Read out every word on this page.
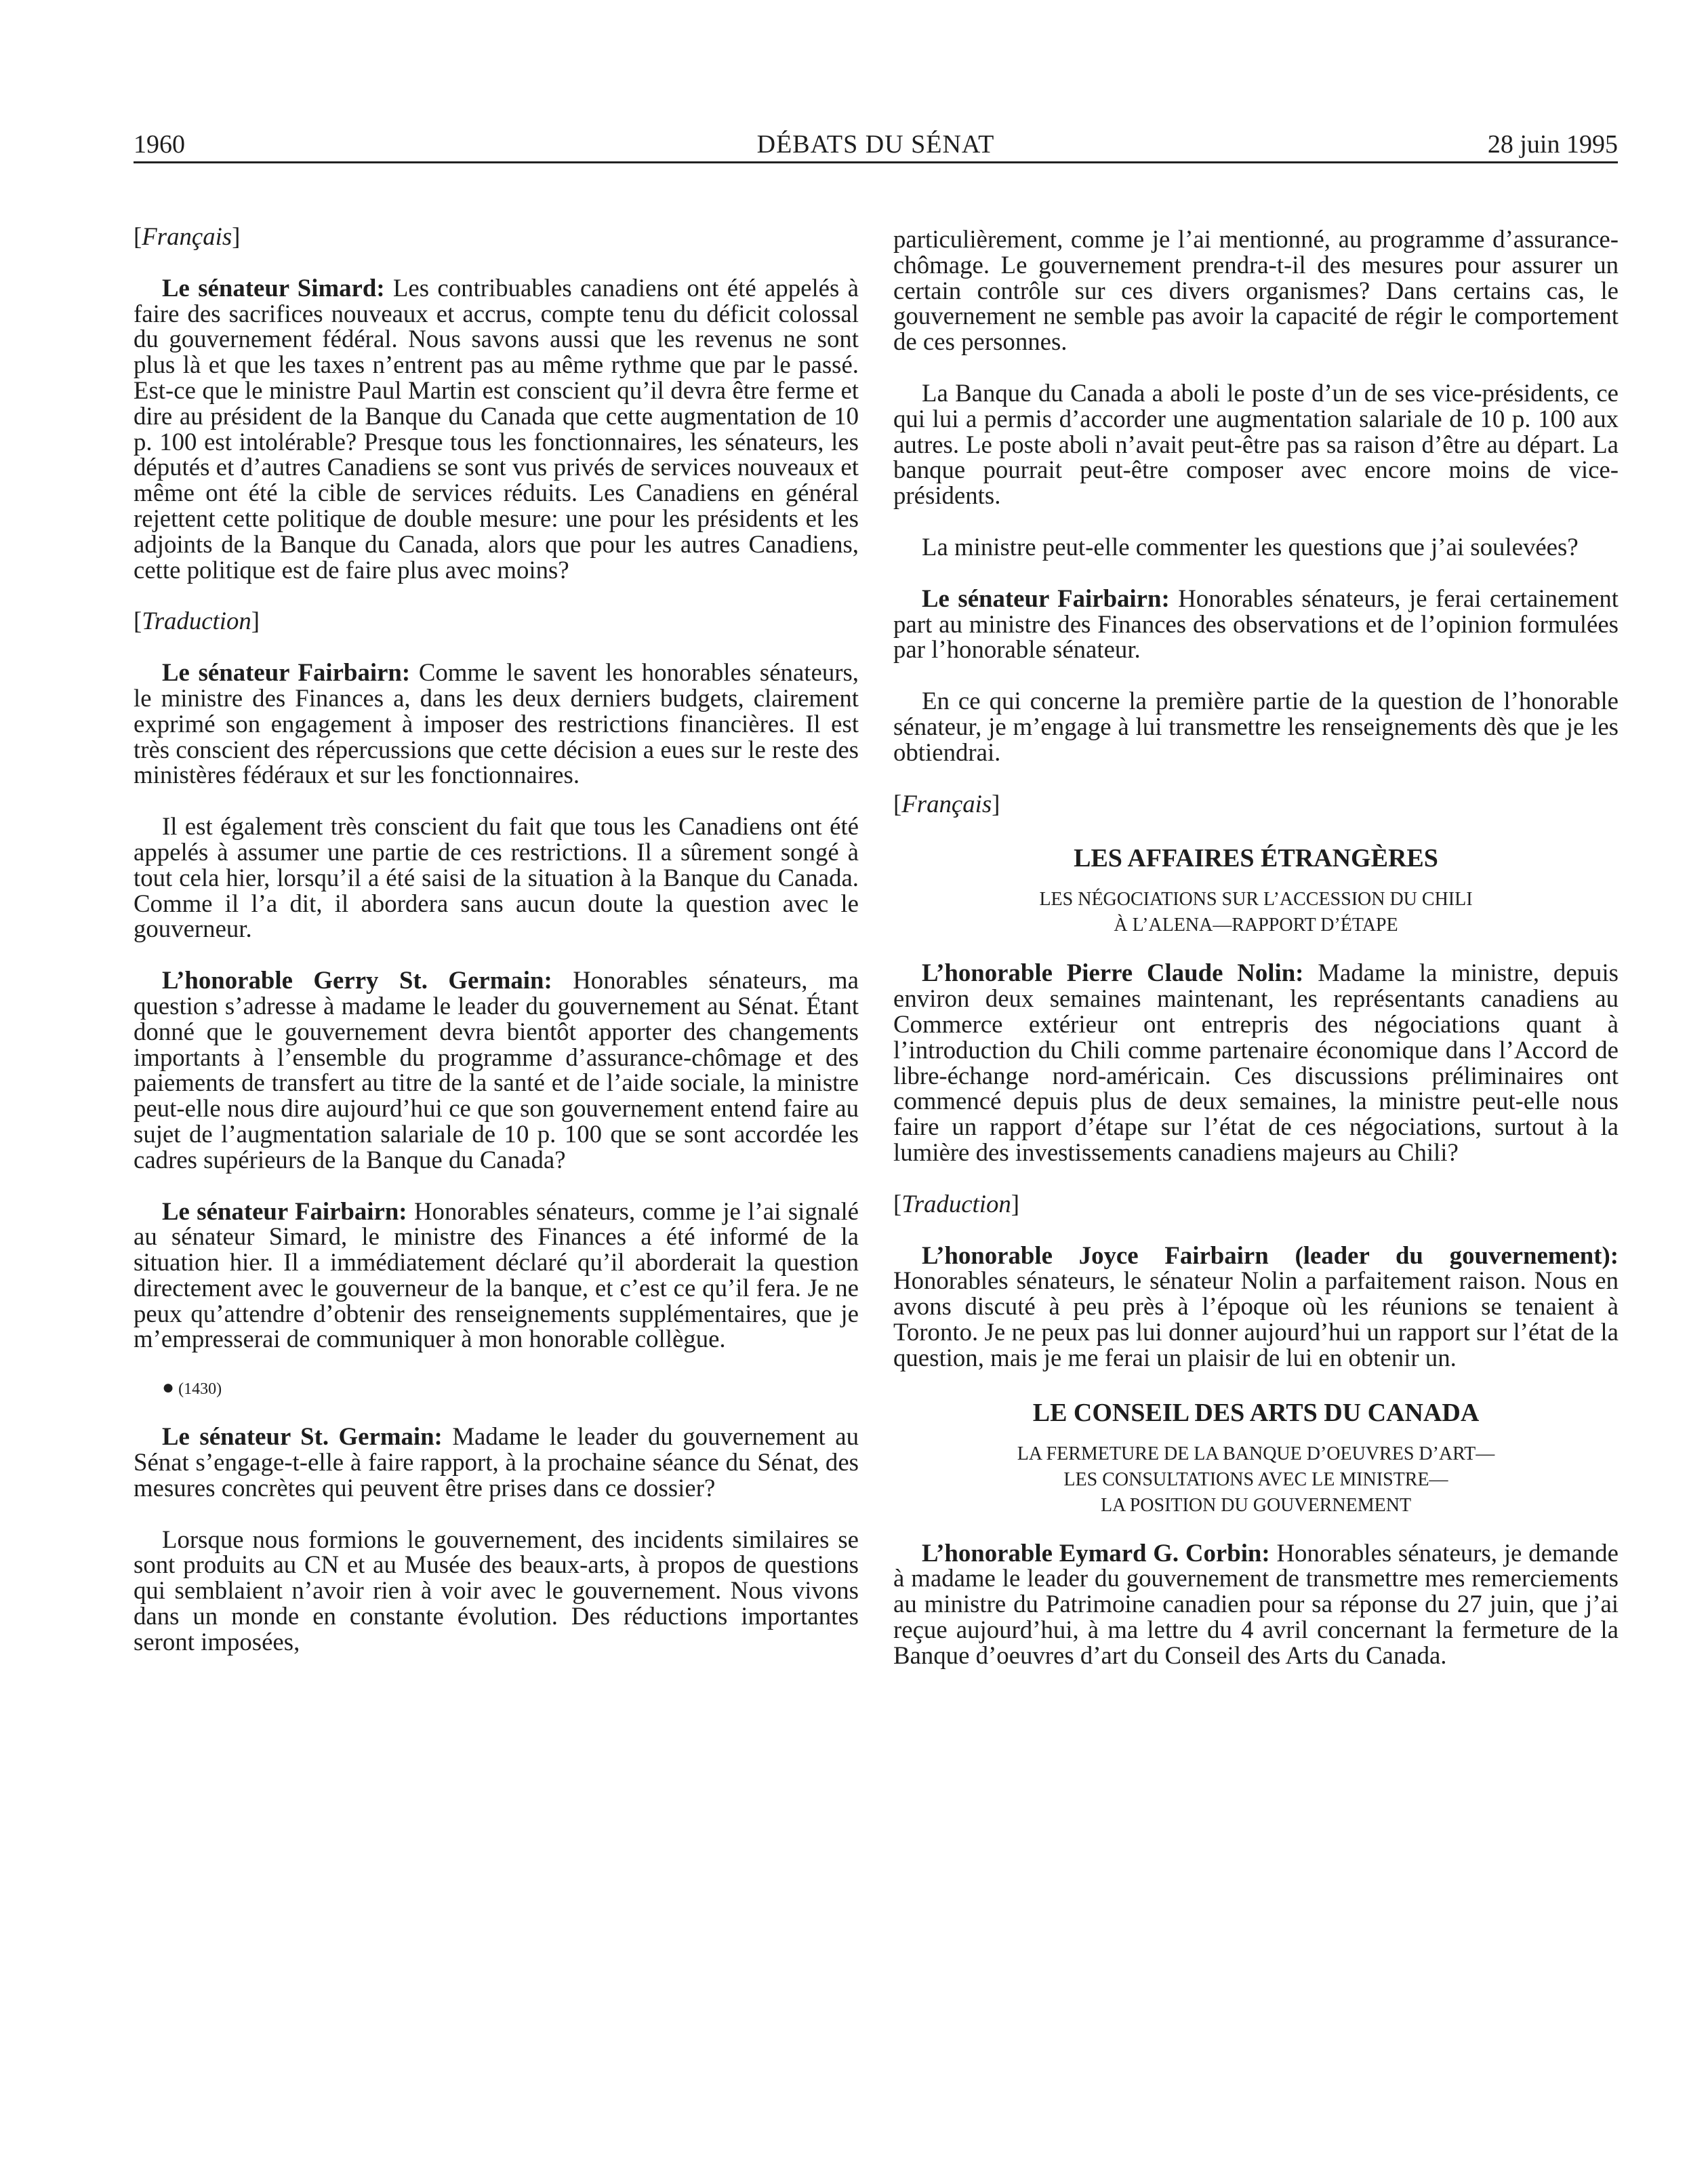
1960	DÉBATS DU SÉNAT	28 juin 1995
[Français]

Le sénateur Simard: Les contribuables canadiens ont été appelés à faire des sacrifices nouveaux et accrus, compte tenu du déficit colossal du gouvernement fédéral. Nous savons aussi que les revenus ne sont plus là et que les taxes n’entrent pas au même rythme que par le passé. Est-ce que le ministre Paul Martin est conscient qu’il devra être ferme et dire au président de la Banque du Canada que cette augmentation de 10 p. 100 est intolérable? Presque tous les fonctionnaires, les sénateurs, les députés et d’autres Canadiens se sont vus privés de services nouveaux et même ont été la cible de services réduits. Les Canadiens en général rejettent cette politique de double mesure: une pour les présidents et les adjoints de la Banque du Canada, alors que pour les autres Canadiens, cette politique est de faire plus avec moins?

[Traduction]

Le sénateur Fairbairn: Comme le savent les honorables sénateurs, le ministre des Finances a, dans les deux derniers budgets, clairement exprimé son engagement à imposer des restrictions financières. Il est très conscient des répercussions que cette décision a eues sur le reste des ministères fédéraux et sur les fonctionnaires.

Il est également très conscient du fait que tous les Canadiens ont été appelés à assumer une partie de ces restrictions. Il a sûrement songé à tout cela hier, lorsqu’il a été saisi de la situation à la Banque du Canada. Comme il l’a dit, il abordera sans aucun doute la question avec le gouverneur.

L’honorable Gerry St. Germain: Honorables sénateurs, ma question s’adresse à madame le leader du gouvernement au Sénat. Étant donné que le gouvernement devra bientôt apporter des changements importants à l’ensemble du programme d’assurance-chômage et des paiements de transfert au titre de la santé et de l’aide sociale, la ministre peut-elle nous dire aujourd’hui ce que son gouvernement entend faire au sujet de l’augmentation salariale de 10 p. 100 que se sont accordée les cadres supérieurs de la Banque du Canada?

Le sénateur Fairbairn: Honorables sénateurs, comme je l’ai signalé au sénateur Simard, le ministre des Finances a été informé de la situation hier. Il a immédiatement déclaré qu’il aborderait la question directement avec le gouverneur de la banque, et c’est ce qu’il fera. Je ne peux qu’attendre d’obtenir des renseignements supplémentaires, que je m’empresserai de communiquer à mon honorable collègue.

● (1430)

Le sénateur St. Germain: Madame le leader du gouvernement au Sénat s’engage-t-elle à faire rapport, à la prochaine séance du Sénat, des mesures concrètes qui peuvent être prises dans ce dossier?

Lorsque nous formions le gouvernement, des incidents similaires se sont produits au CN et au Musée des beaux-arts, à propos de questions qui semblaient n’avoir rien à voir avec le gouvernement. Nous vivons dans un monde en constante évolution. Des réductions importantes seront imposées,

particulièrement, comme je l’ai mentionné, au programme d’assurance-chômage. Le gouvernement prendra-t-il des mesures pour assurer un certain contrôle sur ces divers organismes? Dans certains cas, le gouvernement ne semble pas avoir la capacité de régir le comportement de ces personnes.

La Banque du Canada a aboli le poste d’un de ses vice-présidents, ce qui lui a permis d’accorder une augmentation salariale de 10 p. 100 aux autres. Le poste aboli n’avait peut-être pas sa raison d’être au départ. La banque pourrait peut-être composer avec encore moins de vice-présidents.

La ministre peut-elle commenter les questions que j’ai soulevées?

Le sénateur Fairbairn: Honorables sénateurs, je ferai certainement part au ministre des Finances des observations et de l’opinion formulées par l’honorable sénateur.

En ce qui concerne la première partie de la question de l’honorable sénateur, je m’engage à lui transmettre les renseignements dès que je les obtiendrai.

[Français]
LES AFFAIRES ÉTRANGÈRES
LES NÉGOCIATIONS SUR L’ACCESSION DU CHILI
À L’ALENA—RAPPORT D’ÉTAPE

L’honorable Pierre Claude Nolin: Madame la ministre, depuis environ deux semaines maintenant, les représentants canadiens au Commerce extérieur ont entrepris des négociations quant à l’introduction du Chili comme partenaire économique dans l’Accord de libre-échange nord-américain. Ces discussions préliminaires ont commencé depuis plus de deux semaines, la ministre peut-elle nous faire un rapport d’étape sur l’état de ces négociations, surtout à la lumière des investissements canadiens majeurs au Chili?

[Traduction]

L’honorable Joyce Fairbairn (leader du gouvernement): Honorables sénateurs, le sénateur Nolin a parfaitement raison. Nous en avons discuté à peu près à l’époque où les réunions se tenaient à Toronto. Je ne peux pas lui donner aujourd’hui un rapport sur l’état de la question, mais je me ferai un plaisir de lui en obtenir un.

LE CONSEIL DES ARTS DU CANADA
LA FERMETURE DE LA BANQUE D’OEUVRES D’ART—
LES CONSULTATIONS AVEC LE MINISTRE—
LA POSITION DU GOUVERNEMENT

L’honorable Eymard G. Corbin: Honorables sénateurs, je demande à madame le leader du gouvernement de transmettre mes remerciements au ministre du Patrimoine canadien pour sa réponse du 27 juin, que j’ai reçue aujourd’hui, à ma lettre du 4 avril concernant la fermeture de la Banque d’oeuvres d’art du Conseil des Arts du Canada.
